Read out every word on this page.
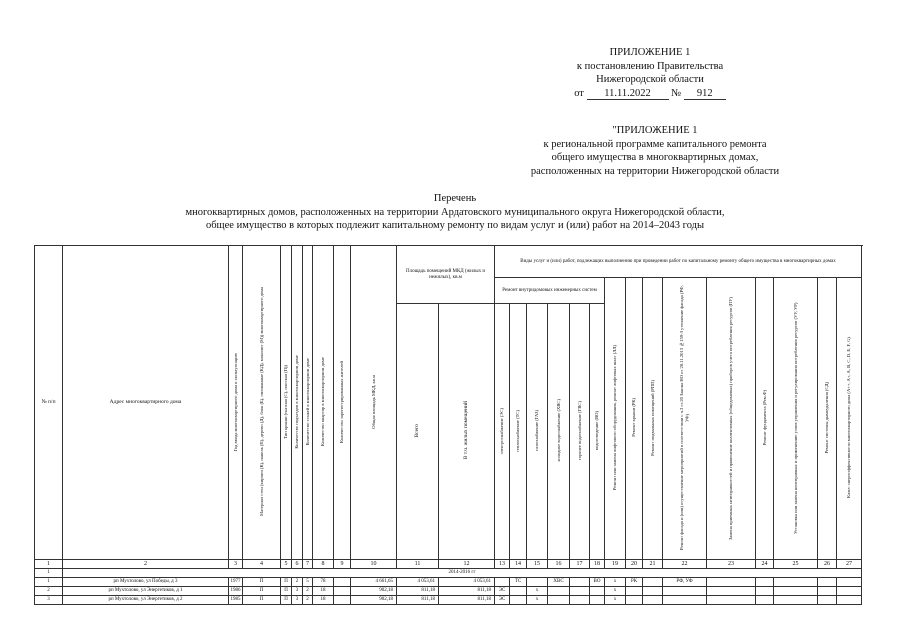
ПРИЛОЖЕНИЕ 1
к постановлению Правительства
Нижегородской области
от 11.11.2022 № 912
"ПРИЛОЖЕНИЕ 1
к региональной программе капитального ремонта
общего имущества в многоквартирных домах,
расположенных на территории Нижегородской области
Перечень
многоквартирных домов, расположенных на территории Ардатовского муниципального округа Нижегородской области,
общее имущество в которых подлежит капитальному ремонту по видам услуг и (или) работ на 2014–2043 годы
№ п/п	Адрес многоквартирного дома	Год ввода многоквартирного дома в эксплуатацию	Материал стен (кирпич (К), панель (П), дерево (Д), блок (Б), смешанные (КД), монолит (М)) многоквартирного дома	Тип крыши (скатная (С), плоская (П))	Количество подъездов в многоквартирном доме	Количество этажей в многоквартирном доме	Количество квартир в многоквартирном доме	Количество зарегистрированных жителей	Общая площадь МКД, кв.м	Площадь помещений МКД (жилых и нежилых), кв.м		Виды услуг и (или) работ, подлежащих выполнению при проведении работ по капитальному ремонту общего имущества в многоквартирных домах														
												Ремонт внутридомовых инженерных систем						Ремонт или замена лифтового оборудования, ремонт лифтовых шахт (ЛЛ)	Ремонт крыши (РК)	Ремонт подвальных помещений (РПП)	Ремонт фасада и (или) осуществление мероприятий в соответствии с ч.3 ст.20 Закона НО от 28.11.2013 №159-З утепление фасада (РФ, УФ)	Замена приемных неисправностей и применение коллективных (общедомовых) приборов учета потребления ресурсов (ПУ)	Ремонт фундамента (Рем.Ф)	Установка или замена неисправных и применению узлов управления и регулирования потребления ресурсов (УУ, УР)	Ремонт системы дымоудаления (СД)	Класс энергоэффективности многоквартирного дома (A++, A+, A, B, C, D, E, F, G)
										Всего	В т.ч. жилых помещений	электроснабжение (ЭС)	теплоснабжение (ТС)	газоснабжение (ГАЗ)	холодное водоснабжение (ХВС)	горячее водоснабжение (ГВС)	водоотведение (ВО)									
1	2	3	4	5	6	7	8	9	10	11	12	13	14	15	16	17	18	19	20	21	22	23	24	25	26	27
1	2014-2016 гг																									
1	рп Мухтолово, ул Победы, д 3	1977	П	П	2	5	78		4 661,65	4 053,61	4 053,61		ТС		ХВС		ВО	x	РК		РФ, УФ					
2	рп Мухтолово, ул Энергетиков, д 1	1986	П	П	3	2	18		902,18	811,18	811,18	ЭС		x				x								
3	рп Мухтолово, ул Энергетиков, д 2	1985	П	П	3	2	18		902,18	811,18	811,18	ЭС		x				x								
